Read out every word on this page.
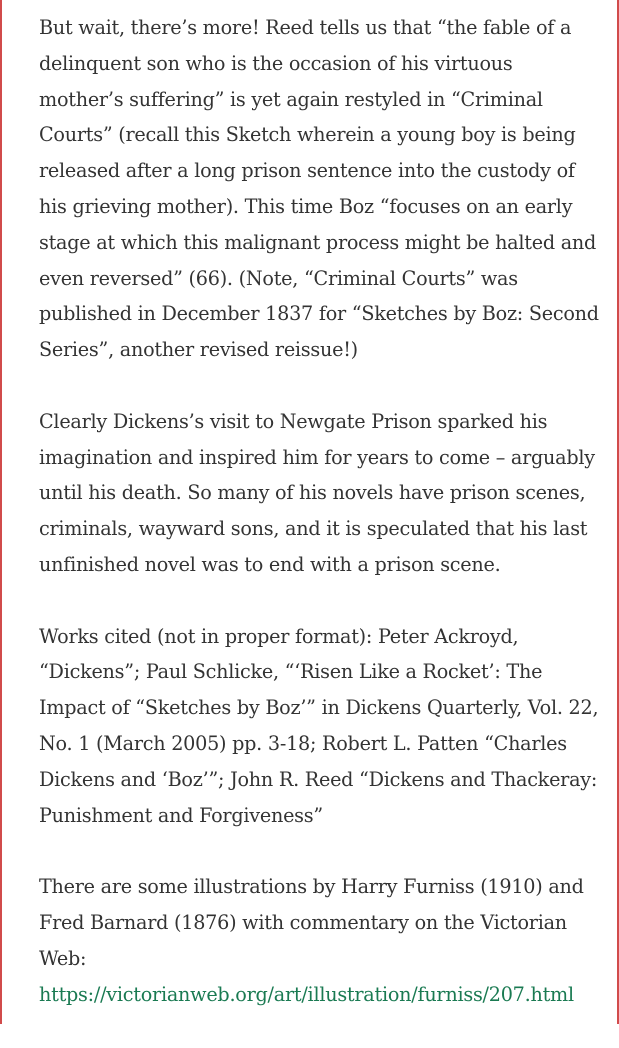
But wait, there’s more! Reed tells us that “the fable of a delinquent son who is the occasion of his virtuous mother’s suffering” is yet again restyled in “Criminal Courts” (recall this Sketch wherein a young boy is being released after a long prison sentence into the custody of his grieving mother). This time Boz “focuses on an early stage at which this malignant process might be halted and even reversed” (66). (Note, “Criminal Courts” was published in December 1837 for “Sketches by Boz: Second Series”, another revised reissue!)

Clearly Dickens’s visit to Newgate Prison sparked his imagination and inspired him for years to come – arguably until his death. So many of his novels have prison scenes, criminals, wayward sons, and it is speculated that his last unfinished novel was to end with a prison scene.

Works cited (not in proper format): Peter Ackroyd, “Dickens”; Paul Schlicke, “‘Risen Like a Rocket’: The Impact of “Sketches by Boz’” in Dickens Quarterly, Vol. 22, No. 1 (March 2005) pp. 3-18; Robert L. Patten “Charles Dickens and ‘Boz’”; John R. Reed “Dickens and Thackeray: Punishment and Forgiveness”

There are some illustrations by Harry Furniss (1910) and Fred Barnard (1876) with commentary on the Victorian Web:
https://victorianweb.org/art/illustration/furniss/207.html
